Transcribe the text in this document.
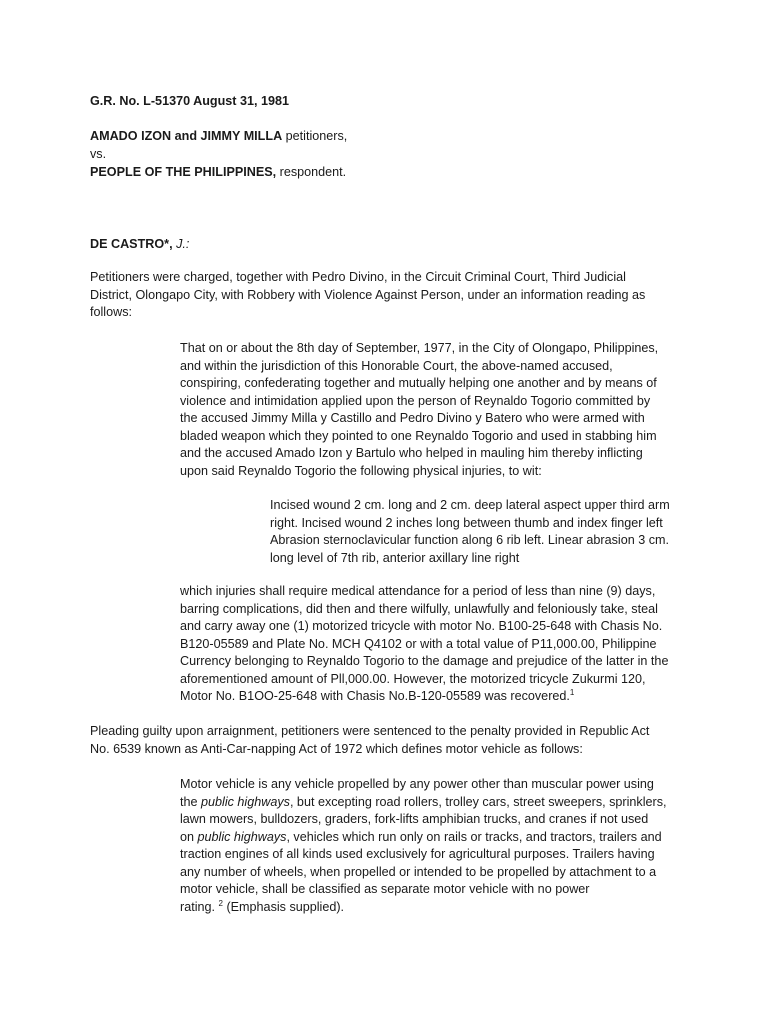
G.R. No. L-51370 August 31, 1981

AMADO IZON and JIMMY MILLA petitioners,

vs.

PEOPLE OF THE PHILIPPINES, respondent.

DE CASTRO*, J.:

Petitioners were charged, together with Pedro Divino, in the Circuit Criminal Court, Third Judicial
District, Olongapo City, with Robbery with Violence Against Person, under an information reading as
follows:

That on or about the 8th day of September, 1977, in the City of Olongapo, Philippines,
and within the jurisdiction of this Honorable Court, the above-named accused,
conspiring, confederating together and mutually helping one another and by means of
violence and intimidation applied upon the person of Reynaldo Togorio committed by
the accused Jimmy Milla y Castillo and Pedro Divino y Batero who were armed with
bladed weapon which they pointed to one Reynaldo Togorio and used in stabbing him
and the accused Amado Izon y Bartulo who helped in mauling him thereby inflicting
upon said Reynaldo Togorio the following physical injuries, to wit:

Incised wound 2 cm. long and 2 cm. deep lateral aspect upper third arm
right. Incised wound 2 inches long between thumb and index finger left
Abrasion sternoclavicular function along 6 rib left. Linear abrasion 3 cm.
long level of 7th rib, anterior axillary line right

which injuries shall require medical attendance for a period of less than nine (9) days,
barring complications, did then and there wilfully, unlawfully and feloniously take, steal
and carry away one (1) motorized tricycle with motor No. B100-25-648 with Chasis No.
B120-05589 and Plate No. MCH Q4102 or with a total value of P11,000.00, Philippine
Currency belonging to Reynaldo Togorio to the damage and prejudice of the latter in the
aforementioned amount of Pll,000.00. However, the motorized tricycle Zukurmi 120,
Motor No. B1OO-25-648 with Chasis No.B-120-05589 was recovered.$^1$

Pleading guilty upon arraignment, petitioners were sentenced to the penalty provided in Republic Act
No. 6539 known as Anti-Car-napping Act of 1972 which defines motor vehicle as follows:

Motor vehicle is any vehicle propelled by any power other than muscular power using
the public highways, but excepting road rollers, trolley cars, street sweepers, sprinklers,
lawn mowers, bulldozers, graders, fork-lifts amphibian trucks, and cranes if not used
on public highways, vehicles which run only on rails or tracks, and tractors, trailers and
traction engines of all kinds used exclusively for agricultural purposes. Trailers having
any number of wheels, when propelled or intended to be propelled by attachment to a
motor vehicle, shall be classified as separate motor vehicle with no power
rating. $^2$ (Emphasis supplied).
